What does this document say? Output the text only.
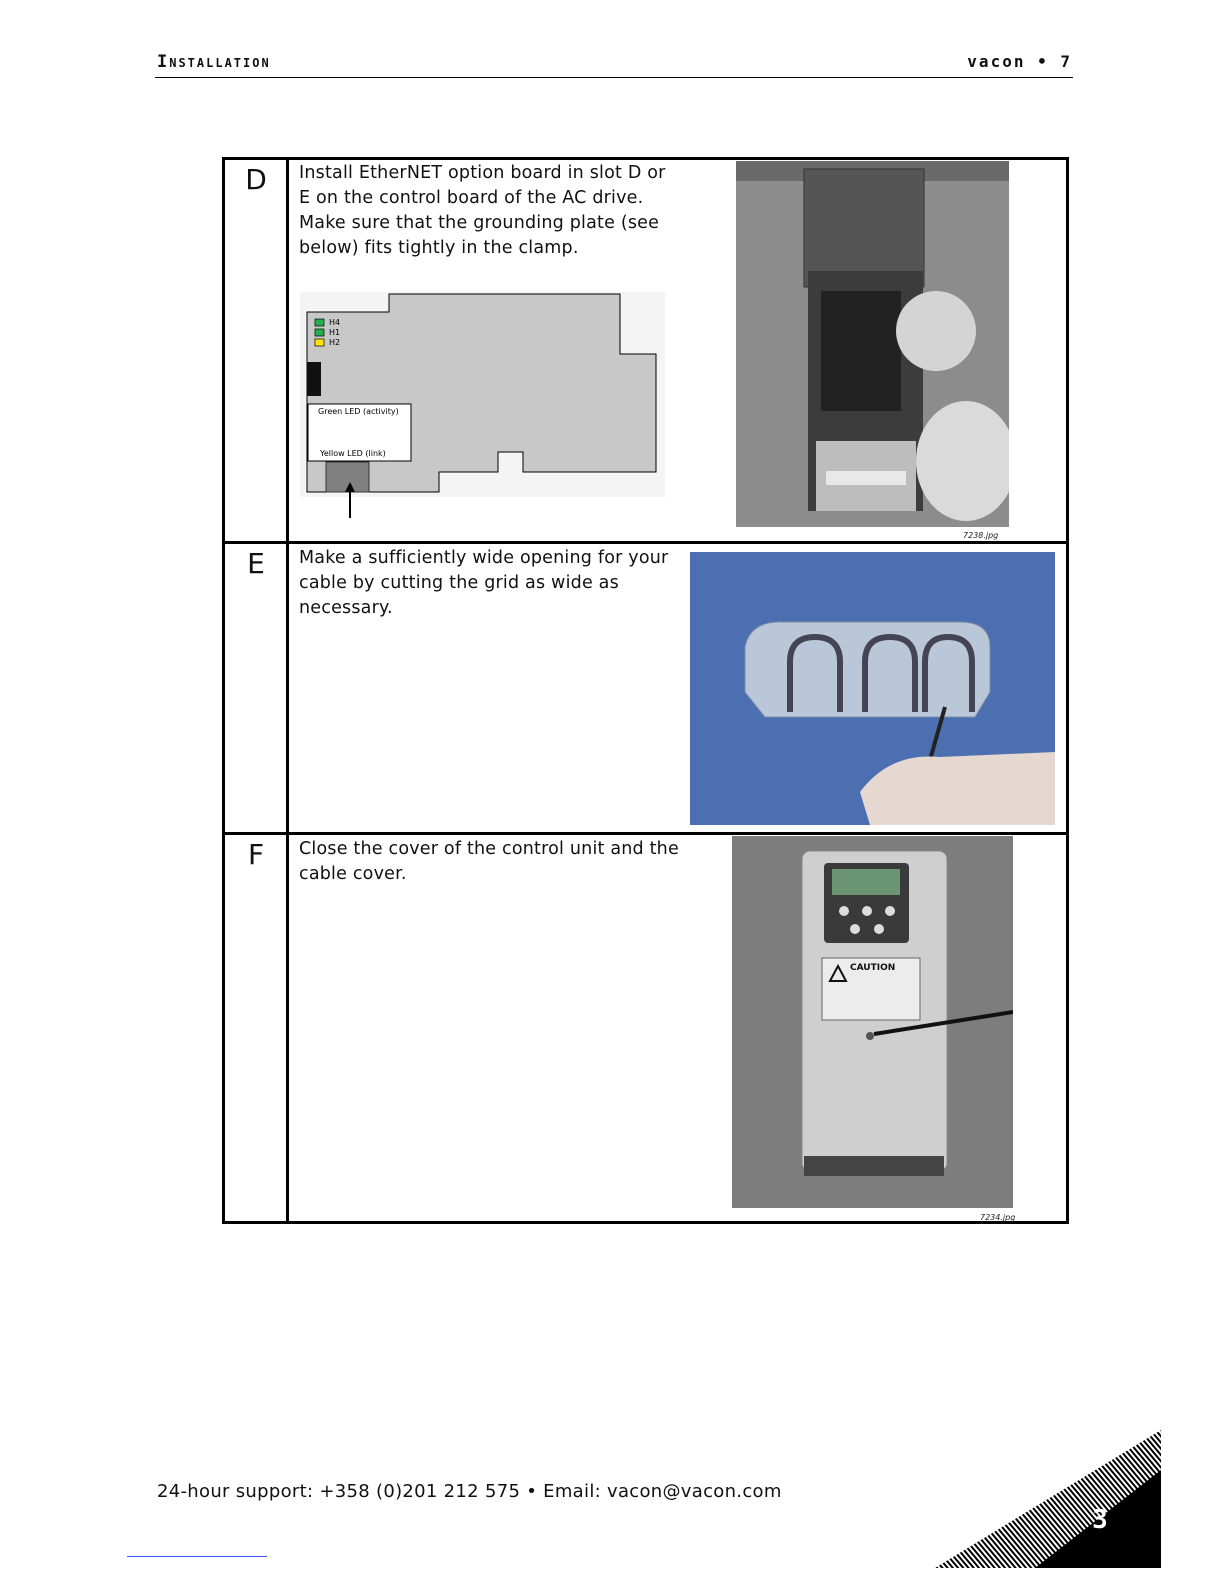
Installation	vacon • 7
D	Install EtherNET option board in slot D or E on the control board of the AC drive. Make sure that the grounding plate (see below) fits tightly in the clamp.
H4
H1
H2
Green LED (activity)
Yellow LED (link)
7238.jpg
E	Make a sufficiently wide opening for your cable by cutting the grid as wide as necessary.
F	Close the cover of the control unit and the cable cover.
CAUTION
7234.jpg
24-hour support: +358 (0)201 212 575 • Email: vacon@vacon.com
3
